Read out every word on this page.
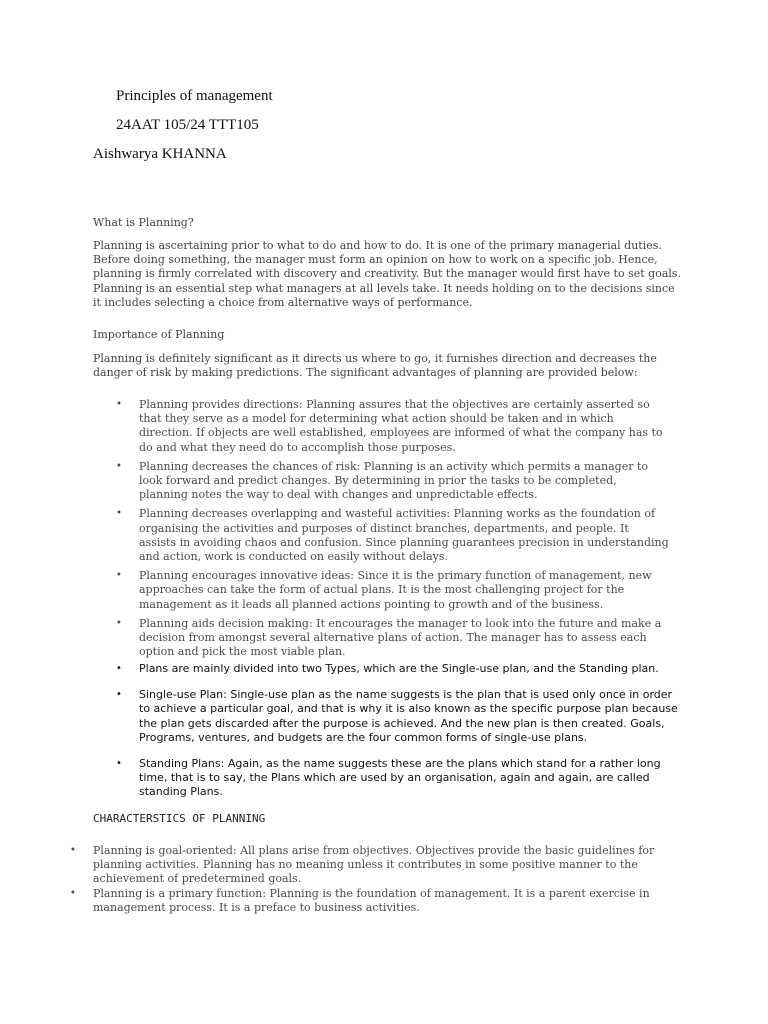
Principles of management

24AAT 105/24 TTT105

Aishwarya KHANNA

What is Planning?

Planning is ascertaining prior to what to do and how to do. It is one of the primary managerial duties. Before doing something, the manager must form an opinion on how to work on a specific job. Hence, planning is firmly correlated with discovery and creativity. But the manager would first have to set goals. Planning is an essential step what managers at all levels take. It needs holding on to the decisions since it includes selecting a choice from alternative ways of performance.

Importance of Planning

Planning is definitely significant as it directs us where to go, it furnishes direction and decreases the danger of risk by making predictions. The significant advantages of planning are provided below:

• Planning provides directions: Planning assures that the objectives are certainly asserted so that they serve as a model for determining what action should be taken and in which direction. If objects are well established, employees are informed of what the company has to do and what they need do to accomplish those purposes.
• Planning decreases the chances of risk: Planning is an activity which permits a manager to look forward and predict changes. By determining in prior the tasks to be completed, planning notes the way to deal with changes and unpredictable effects.
• Planning decreases overlapping and wasteful activities: Planning works as the foundation of organising the activities and purposes of distinct branches, departments, and people. It assists in avoiding chaos and confusion. Since planning guarantees precision in understanding and action, work is conducted on easily without delays.
• Planning encourages innovative ideas: Since it is the primary function of management, new approaches can take the form of actual plans. It is the most challenging project for the management as it leads all planned actions pointing to growth and of the business.
• Planning aids decision making: It encourages the manager to look into the future and make a decision from amongst several alternative plans of action. The manager has to assess each option and pick the most viable plan.
• Plans are mainly divided into two Types, which are the Single-use plan, and the Standing plan.
• Single-use Plan: Single-use plan as the name suggests is the plan that is used only once in order to achieve a particular goal, and that is why it is also known as the specific purpose plan because the plan gets discarded after the purpose is achieved. And the new plan is then created. Goals, Programs, ventures, and budgets are the four common forms of single-use plans.
• Standing Plans: Again, as the name suggests these are the plans which stand for a rather long time, that is to say, the Plans which are used by an organisation, again and again, are called standing Plans.

CHARACTERSTICS OF PLANNING

• Planning is goal-oriented: All plans arise from objectives. Objectives provide the basic guidelines for planning activities. Planning has no meaning unless it contributes in some positive manner to the achievement of predetermined goals.
• Planning is a primary function: Planning is the foundation of management. It is a parent exercise in management process. It is a preface to business activities.
